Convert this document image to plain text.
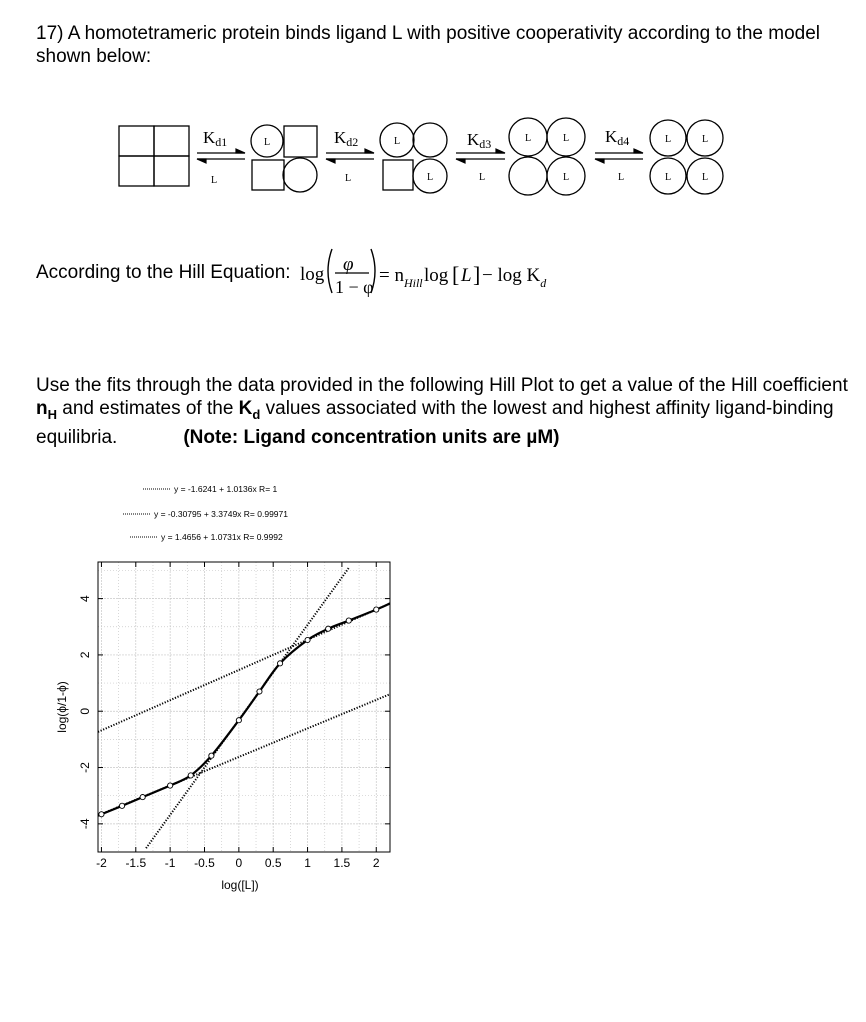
17) A homotetrameric protein binds ligand L with positive cooperativity according to the model shown below:
L	L
L
L	L
L
L	L
L	L
Kd1	Kd2	Kd3	Kd4
L	L	L	L
According to the Hill Equation: log φ
1 − φ
= $n_{Hill}$ log [ L ] − $\log K_d$
Use the fits through the data provided in the following Hill Plot to get a value of the Hill coefficient
$n_H$ and estimates of the $K_d$ values associated with the lowest and highest affinity ligand-binding
equilibria.	(Note: Ligand concentration units are µM)
y = -1.6241 + 1.0136x R= 1
y = -0.30795 + 3.3749x R= 0.99971
y = 1.4656 + 1.0731x R= 0.9992
-2 -1.5 -1 -0.5 0 0.5 1 1.5 2
4
2
0
-2
-4
log([L])
log(ϕ/1-ϕ)
